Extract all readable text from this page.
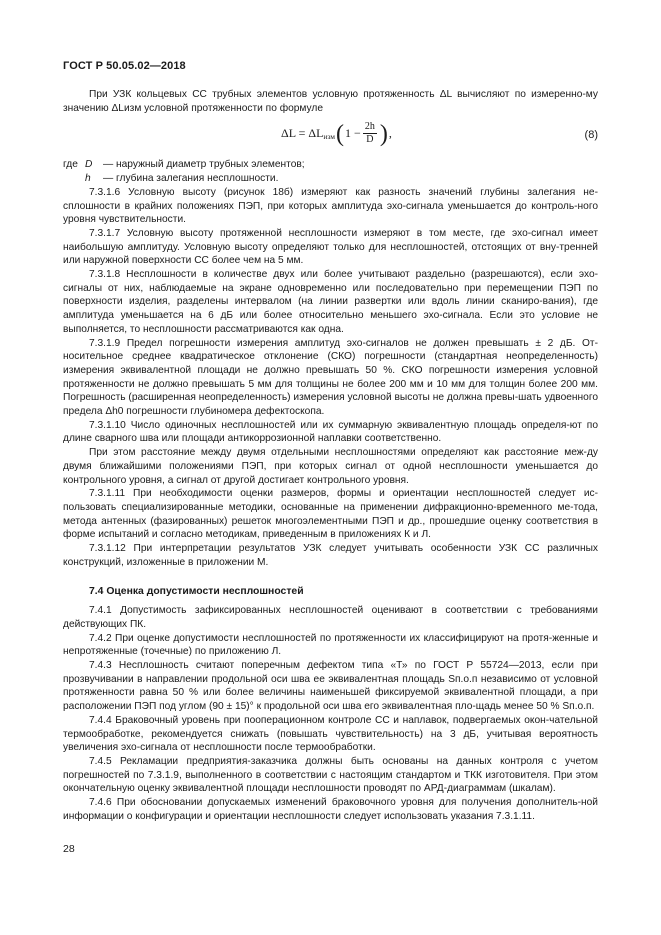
ГОСТ Р 50.05.02—2018

При УЗК кольцевых СС трубных элементов условную протяженность ΔL вычисляют по измеренно-му значению ΔLизм условной протяженности по формуле

ΔL = ΔL изм ( $1 - \frac{2h}{D}$ ) ,	(8)
где D	— наружный диаметр трубных элементов;
h	— глубина залегания несплошности.

7.3.1.6 Условную высоту (рисунок 18б) измеряют как разность значений глубины залегания не-сплошности в крайних положениях ПЭП, при которых амплитуда эхо-сигнала уменьшается до контроль-ного уровня чувствительности.

7.3.1.7 Условную высоту протяженной несплошности измеряют в том месте, где эхо-сигнал имеет наибольшую амплитуду. Условную высоту определяют только для несплошностей, отстоящих от вну-тренней или наружной поверхности СС более чем на 5 мм.

7.3.1.8 Несплошности в количестве двух или более учитывают раздельно (разрешаются), если эхо-сигналы от них, наблюдаемые на экране одновременно или последовательно при перемещении ПЭП по поверхности изделия, разделены интервалом (на линии развертки или вдоль линии сканиро-вания), где амплитуда уменьшается на 6 дБ или более относительно меньшего эхо-сигнала. Если это условие не выполняется, то несплошности рассматриваются как одна.

7.3.1.9 Предел погрешности измерения амплитуд эхо-сигналов не должен превышать ± 2 дБ. От-носительное среднее квадратическое отклонение (СКО) погрешности (стандартная неопределенность) измерения эквивалентной площади не должно превышать 50 %. СКО погрешности измерения условной протяженности не должно превышать 5 мм для толщины не более 200 мм и 10 мм для толщин более 200 мм. Погрешность (расширенная неопределенность) измерения условной высоты не должна превы-шать удвоенного предела Δh0 погрешности глубиномера дефектоскопа.

7.3.1.10 Число одиночных несплошностей или их суммарную эквивалентную площадь определя-ют по длине сварного шва или площади антикоррозионной наплавки соответственно.

При этом расстояние между двумя отдельными несплошностями определяют как расстояние меж-ду двумя ближайшими положениями ПЭП, при которых сигнал от одной несплошности уменьшается до контрольного уровня, а сигнал от другой достигает контрольного уровня.

7.3.1.11 При необходимости оценки размеров, формы и ориентации несплошностей следует ис-пользовать специализированные методики, основанные на применении дифракционно-временного ме-тода, метода антенных (фазированных) решеток многоэлементными ПЭП и др., прошедшие оценку соответствия в форме испытаний и согласно методикам, приведенным в приложениях К и Л.

7.3.1.12 При интерпретации результатов УЗК следует учитывать особенности УЗК СС различных конструкций, изложенные в приложении М.

7.4 Оценка допустимости несплошностей

7.4.1 Допустимость зафиксированных несплошностей оценивают в соответствии с требованиями действующих ПК.

7.4.2 При оценке допустимости несплошностей по протяженности их классифицируют на протя-женные и непротяженные (точечные) по приложению Л.

7.4.3 Несплошность считают поперечным дефектом типа «Т» по ГОСТ Р 55724—2013, если при прозвучивании в направлении продольной оси шва ее эквивалентная площадь Sп.о.п независимо от условной протяженности равна 50 % или более величины наименьшей фиксируемой эквивалентной площади, а при расположении ПЭП под углом (90 ± 15)° к продольной оси шва его эквивалентная пло-щадь менее 50 % Sп.о.п.

7.4.4 Браковочный уровень при пооперационном контроле СС и наплавок, подвергаемых окон-чательной термообработке, рекомендуется снижать (повышать чувствительность) на 3 дБ, учитывая вероятность увеличения эхо-сигнала от несплошности после термообработки.

7.4.5 Рекламации предприятия-заказчика должны быть основаны на данных контроля с учетом погрешностей по 7.3.1.9, выполненного в соответствии с настоящим стандартом и ТКК изготовителя. При этом окончательную оценку эквивалентной площади несплошности проводят по АРД-диаграммам (шкалам).

7.4.6 При обосновании допускаемых изменений браковочного уровня для получения дополнитель-ной информации о конфигурации и ориентации несплошности следует использовать указания 7.3.1.11.

28
